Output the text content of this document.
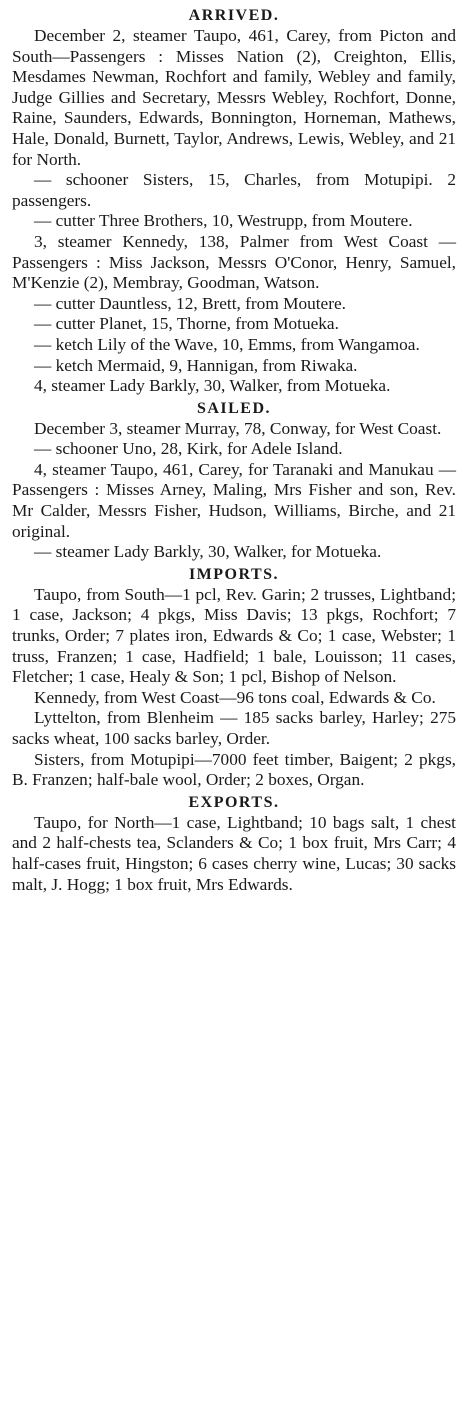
ARRIVED.

December 2, steamer Taupo, 461, Carey, from Picton and South—Passengers : Misses Nation (2), Creighton, Ellis, Mesdames Newman, Rochfort and family, Webley and family, Judge Gillies and Secretary, Messrs Webley, Rochfort, Donne, Raine, Saunders, Edwards, Bonnington, Horneman, Mathews, Hale, Donald, Burnett, Taylor, Andrews, Lewis, Webley, and 21 for North.

— schooner Sisters, 15, Charles, from Motupipi. 2 passengers.

— cutter Three Brothers, 10, Westrupp, from Moutere.

3, steamer Kennedy, 138, Palmer from West Coast — Passengers : Miss Jackson, Messrs O'Conor, Henry, Samuel, M'Kenzie (2), Membray, Goodman, Watson.

— cutter Dauntless, 12, Brett, from Moutere.

— cutter Planet, 15, Thorne, from Motueka.

— ketch Lily of the Wave, 10, Emms, from Wangamoa.

— ketch Mermaid, 9, Hannigan, from Riwaka.

4, steamer Lady Barkly, 30, Walker, from Motueka.

SAILED.

December 3, steamer Murray, 78, Conway, for West Coast.

— schooner Uno, 28, Kirk, for Adele Island.

4, steamer Taupo, 461, Carey, for Taranaki and Manukau — Passengers : Misses Arney, Maling, Mrs Fisher and son, Rev. Mr Calder, Messrs Fisher, Hudson, Williams, Birche, and 21 original.

— steamer Lady Barkly, 30, Walker, for Motueka.

IMPORTS.

Taupo, from South—1 pcl, Rev. Garin; 2 trusses, Lightband; 1 case, Jackson; 4 pkgs, Miss Davis; 13 pkgs, Rochfort; 7 trunks, Order; 7 plates iron, Edwards & Co; 1 case, Webster; 1 truss, Franzen; 1 case, Hadfield; 1 bale, Louisson; 11 cases, Fletcher; 1 case, Healy & Son; 1 pcl, Bishop of Nelson.

Kennedy, from West Coast—96 tons coal, Edwards & Co.

Lyttelton, from Blenheim — 185 sacks barley, Harley; 275 sacks wheat, 100 sacks barley, Order.

Sisters, from Motupipi—7000 feet timber, Baigent; 2 pkgs, B. Franzen; half-bale wool, Order; 2 boxes, Organ.

EXPORTS.

Taupo, for North—1 case, Lightband; 10 bags salt, 1 chest and 2 half-chests tea, Sclanders & Co; 1 box fruit, Mrs Carr; 4 half-cases fruit, Hingston; 6 cases cherry wine, Lucas; 30 sacks malt, J. Hogg; 1 box fruit, Mrs Edwards.
